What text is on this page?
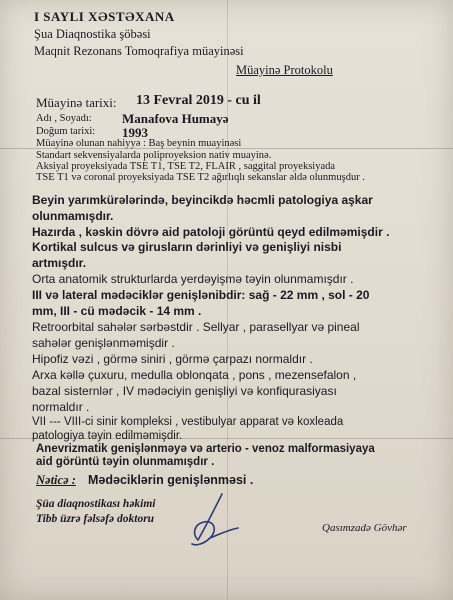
I SAYLI XƏSTƏXANA
Şua Diaqnostika şöbəsi
Maqnit Rezonans Tomoqrafiya müayinəsi
Müayinə Protokolu
Müayinə tarixi: 13 Fevral 2019 - cu il
Adı , Soyadı: Manafova Humayə
Doğum tarixi: 1993
Müayinə olunan nahiyyə : Baş beynin muayinəsi
Standart sekvensiyalarda poliproyeksion nativ muayinə.
Aksiyal proyeksiyada TSE T1, TSE T2, FLAIR , saggital proyeksiyada
TSE T1 və coronal proyeksiyada TSE T2 ağırlıqlı sekanslar əldə olunmuşdur .
Beyin yarımkürələrində, beyincikdə həcmli patologiya aşkar
olunmamışdır.
Hazırda , kəskin dövrə aid patoloji görüntü qeyd edilməmişdir .
Kortikal sulcus və girusların dərinliyi və genişliyi nisbi
artmışdır.
Orta anatomik strukturlarda yerdəyişmə təyin olunmamışdır .
III və lateral mədəciklər genişlənibdir: sağ - 22 mm , sol - 20
mm, III - cü mədəcik - 14 mm .
Retroorbital sahələr sərbəstdir . Sellyar , parasellyar və pineal
sahələr genişlənməmişdir .
Hipofiz vəzi , görmə siniri , görmə çarpazı normaldır .
Arxa kəllə çuxuru, medulla oblonqata , pons , mezensefalon ,
bazal sisternlər , IV mədəciyin genişliyi və konfiqurasiyası
normaldır .
VII --- VIII-ci sinir kompleksi , vestibulyar apparat və koxleada
patologiya təyin edilməmişdir.
Anevrizmatik genişlənməyə və arterio - venoz malformasiyaya
aid görüntü təyin olunmamışdır .
Nəticə : Mədəciklərin genişlənməsi .
Şüa diaqnostikası həkimi
Tibb üzrə fəlsəfə doktoru
Qasımzadə Gövhər
